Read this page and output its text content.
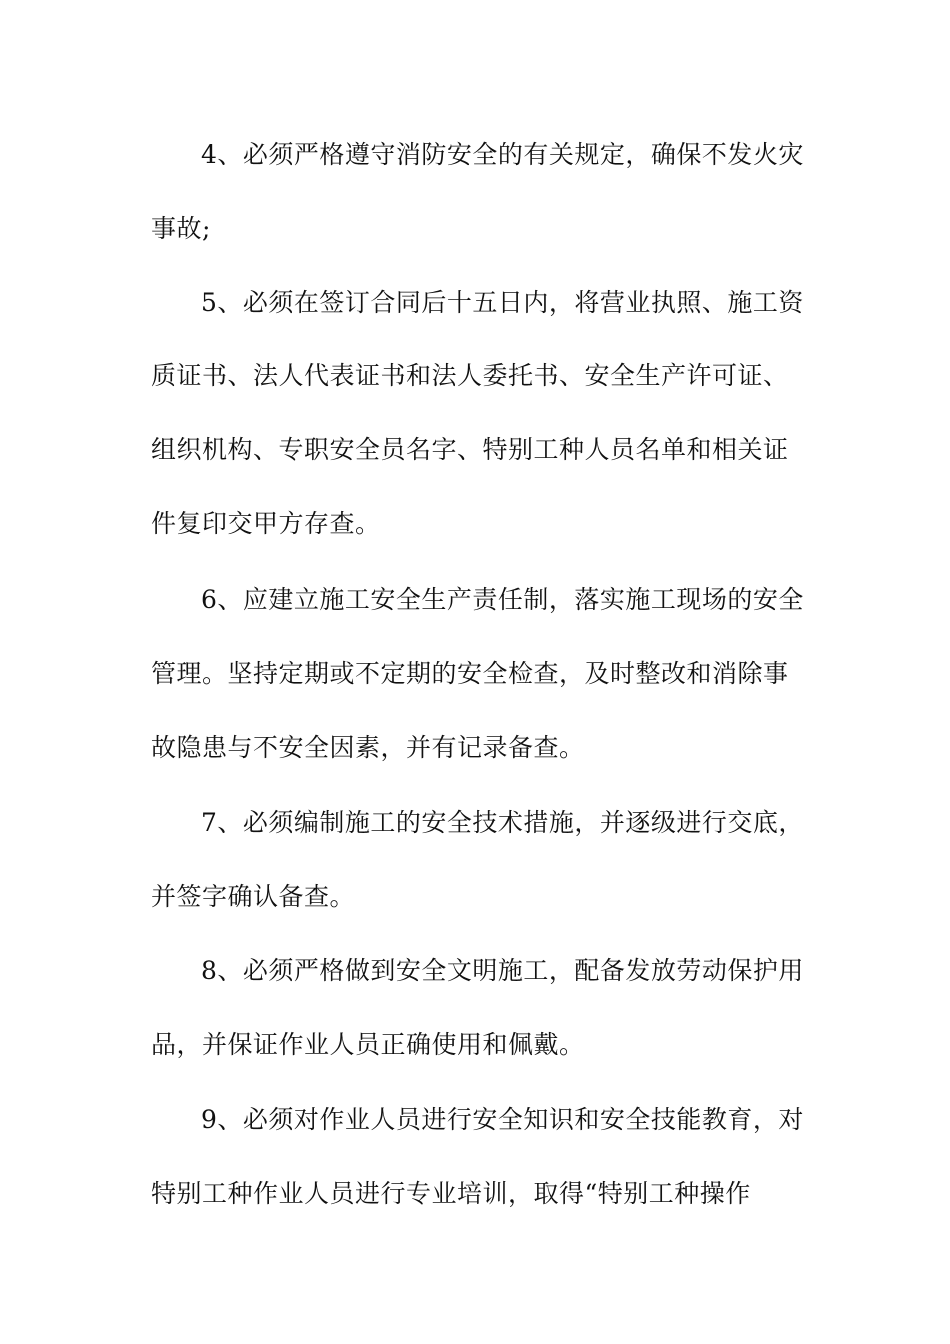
4、必须严格遵守消防安全的有关规定，确保不发火灾
事故;
5、必须在签订合同后十五日内，将营业执照、施工资
质证书、法人代表证书和法人委托书、安全生产许可证、
组织机构、专职安全员名字、特别工种人员名单和相关证
件复印交甲方存查。
6、应建立施工安全生产责任制，落实施工现场的安全
管理。坚持定期或不定期的安全检查，及时整改和消除事
故隐患与不安全因素，并有记录备查。
7、必须编制施工的安全技术措施，并逐级进行交底，
并签字确认备查。
8、必须严格做到安全文明施工，配备发放劳动保护用
品，并保证作业人员正确使用和佩戴。
9、必须对作业人员进行安全知识和安全技能教育，对
特别工种作业人员进行专业培训，取得“特别工种操作
